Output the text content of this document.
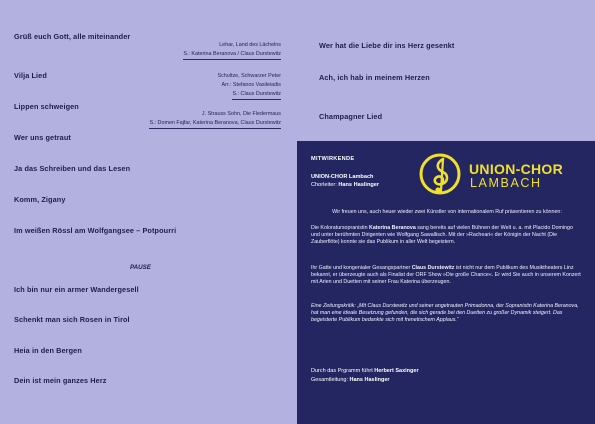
Grüß euch Gott, alle miteinander
Vilja Lied
Lippen schweigen
Wer uns getraut
Ja das Schreiben und das Lesen
Komm, Zigany
Im weißen Rössl am Wolfgangsee – Potpourri
PAUSE
Ich bin nur ein armer Wandergesell
Schenkt man sich Rosen in Tirol
Heia in den Bergen
Dein ist mein ganzes Herz
Wer hat die Liebe dir ins Herz gesenkt
Lehar, Land des Lächelns
S.: Katerina Beranova / Claus Durstewitz
Ach, ich hab in meinem Herzen
Schultze, Schwarzer Peter
Arr.: Stefanos Vasileiadis
S.: Claus Durstewitz
Champagner Lied
J. Strauss Sohn, Die Fledermaus
S.: Domen Fajfar, Katerina Beranova, Claus Durstewitz
MITWIRKENDE
UNION-CHOR Lambach
Chorleiter: Hans Haslinger
UNION-CHOR
LAMBACH
Wir freuen uns, auch heuer wieder zwei Künstler von internationalem Ruf präsentieren zu können:
Die Koloratursopranistin Katerina Beranova sang bereits auf vielen Bühnen der Welt u. a. mit Placido Domingo und unter berühmten Dirigenten wie Wolfgang Sawallisch. Mit der »Racheari« der Königin der Nacht (Die Zauberflöte) konnte sie das Publikum in aller Welt begeistern.
Ihr Gatte und kongenialer Gesangspartner Claus Durstewitz ist nicht nur dem Publikum des Musiktheaters Linz bekannt, er überzeugte auch als Finalist der ORF Show »Die große Chance«. Er wird Sie auch in unserem Konzert mit Arien und Duetten mit seiner Frau Katerina überzeugen.
Eine Zeitungskritik: „Mit Claus Durstewitz und seiner angetrauten Primadonna, der Sopranistin Katerina Beranova, hat man eine ideale Besetzung gefunden, die sich gerade bei den Duetten zu großer Dynamik steigert. Das begeisterte Publikum bedankte sich mit frenetischem Applaus.“
Durch das Prgramm führt Herbert Saxinger
Gesamtleitung: Hans Haslinger
